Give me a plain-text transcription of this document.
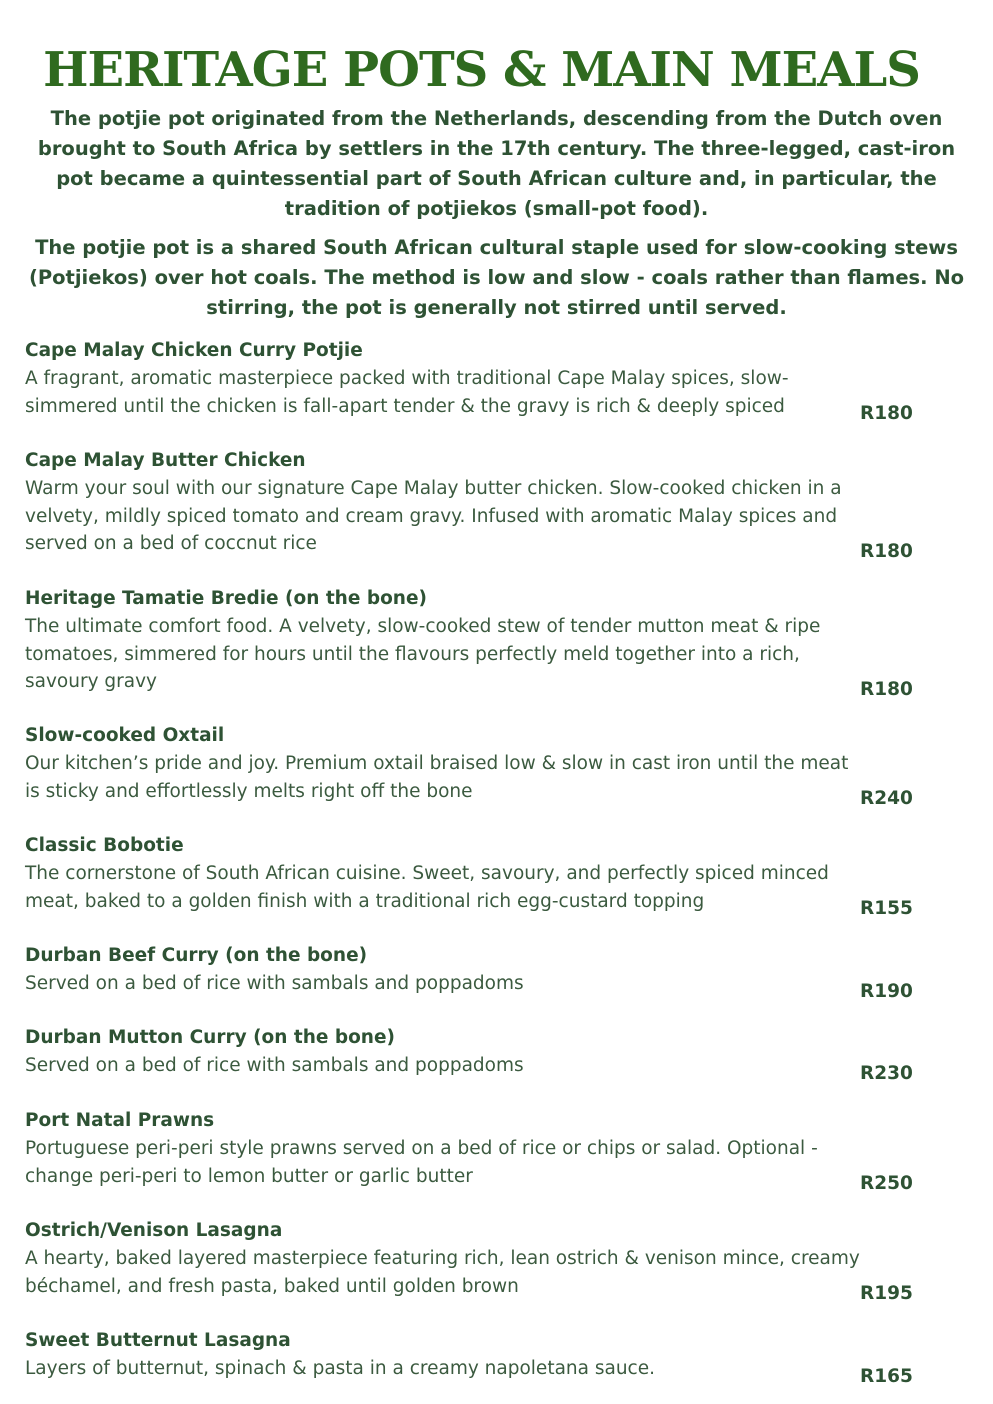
HERITAGE POTS & MAIN MEALS

The potjie pot originated from the Netherlands, descending from the Dutch oven brought to South Africa by settlers in the 17th century. The three-legged, cast-iron pot became a quintessential part of South African culture and, in particular, the tradition of potjiekos (small-pot food).

The potjie pot is a shared South African cultural staple used for slow-cooking stews (Potjiekos) over hot coals. The method is low and slow - coals rather than flames. No stirring, the pot is generally not stirred until served.

Cape Malay Chicken Curry Potjie

A fragrant, aromatic masterpiece packed with traditional Cape Malay spices, slow-simmered until the chicken is fall-apart tender & the gravy is rich & deeply spiced	R180

Cape Malay Butter Chicken

Warm your soul with our signature Cape Malay butter chicken. Slow-cooked chicken in a velvety, mildly spiced tomato and cream gravy. Infused with aromatic Malay spices and served on a bed of coccnut rice	R180

Heritage Tamatie Bredie (on the bone)

The ultimate comfort food. A velvety, slow-cooked stew of tender mutton meat & ripe tomatoes, simmered for hours until the flavours perfectly meld together into a rich, savoury gravy	R180

Slow-cooked Oxtail

Our kitchen’s pride and joy. Premium oxtail braised low & slow in cast iron until the meat is sticky and effortlessly melts right off the bone	R240

Classic Bobotie

The cornerstone of South African cuisine. Sweet, savoury, and perfectly spiced minced meat, baked to a golden finish with a traditional rich egg-custard topping	R155

Durban Beef Curry (on the bone)

Served on a bed of rice with sambals and poppadoms	R190

Durban Mutton Curry (on the bone)

Served on a bed of rice with sambals and poppadoms	R230

Port Natal Prawns

Portuguese peri-peri style prawns served on a bed of rice or chips or salad. Optional - change peri-peri to lemon butter or garlic butter	R250

Ostrich/Venison Lasagna

A hearty, baked layered masterpiece featuring rich, lean ostrich & venison mince, creamy béchamel, and fresh pasta, baked until golden brown	R195

Sweet Butternut Lasagna

Layers of butternut, spinach & pasta in a creamy napoletana sauce.	R165
